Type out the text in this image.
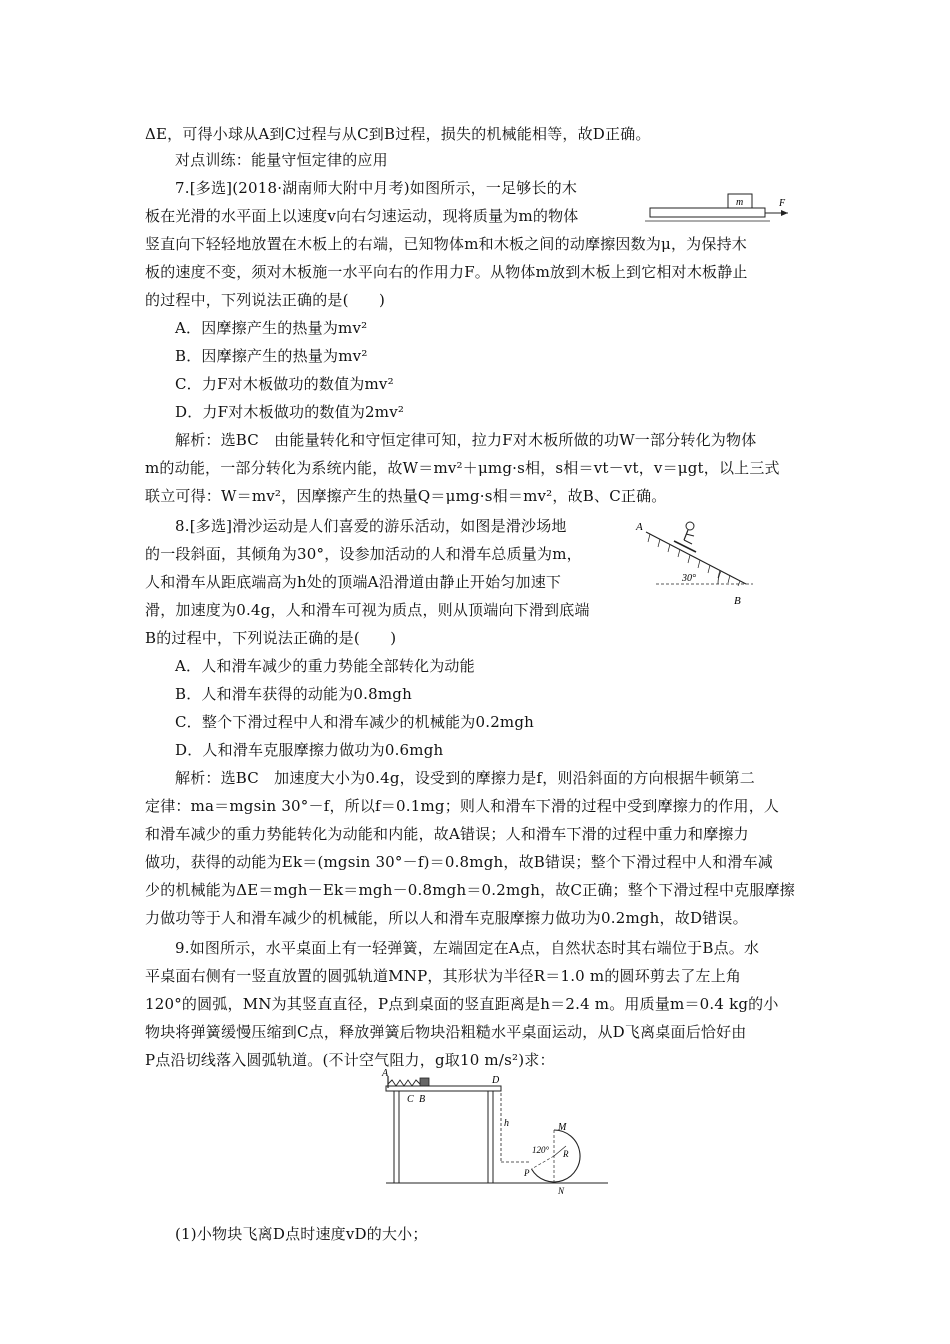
ΔE，可得小球从A到C过程与从C到B过程，损失的机械能相等，故D正确。
对点训练：能量守恒定律的应用
7.[多选](2018·湖南师大附中月考)如图所示，一足够长的木
板在光滑的水平面上以速度v向右匀速运动，现将质量为m的物体
竖直向下轻轻地放置在木板上的右端，已知物体m和木板之间的动摩擦因数为μ，为保持木
板的速度不变，须对木板施一水平向右的作用力F。从物体m放到木板上到它相对木板静止
的过程中，下列说法正确的是(　　)
A．因摩擦产生的热量为mv²
B．因摩擦产生的热量为mv²
C．力F对木板做功的数值为mv²
D．力F对木板做功的数值为2mv²
解析：选BC　由能量转化和守恒定律可知，拉力F对木板所做的功W一部分转化为物体
m的动能，一部分转化为系统内能，故W＝mv²＋μmg·s相，s相＝vt－vt，v＝μgt，以上三式
联立可得：W＝mv²，因摩擦产生的热量Q＝μmg·s相＝mv²，故B、C正确。
m	F
8.[多选]滑沙运动是人们喜爱的游乐活动，如图是滑沙场地
的一段斜面，其倾角为30°，设参加活动的人和滑车总质量为m，
人和滑车从距底端高为h处的顶端A沿滑道由静止开始匀加速下
滑，加速度为0.4g，人和滑车可视为质点，则从顶端向下滑到底端
B的过程中，下列说法正确的是(　　)
A．人和滑车减少的重力势能全部转化为动能
B．人和滑车获得的动能为0.8mgh
C．整个下滑过程中人和滑车减少的机械能为0.2mgh
D．人和滑车克服摩擦力做功为0.6mgh
解析：选BC　加速度大小为0.4g，设受到的摩擦力是f，则沿斜面的方向根据牛顿第二
定律：ma＝mgsin 30°－f，所以f＝0.1mg；则人和滑车下滑的过程中受到摩擦力的作用，人
和滑车减少的重力势能转化为动能和内能，故A错误；人和滑车下滑的过程中重力和摩擦力
做功，获得的动能为Ek＝(mgsin 30°－f)＝0.8mgh，故B错误；整个下滑过程中人和滑车减
少的机械能为ΔE＝mgh－Ek＝mgh－0.8mgh＝0.2mgh，故C正确；整个下滑过程中克服摩擦
力做功等于人和滑车减少的机械能，所以人和滑车克服摩擦力做功为0.2mgh，故D错误。
A
B
30°
9.如图所示，水平桌面上有一轻弹簧，左端固定在A点，自然状态时其右端位于B点。水
平桌面右侧有一竖直放置的圆弧轨道MNP，其形状为半径R＝1.0 m的圆环剪去了左上角
120°的圆弧，MN为其竖直直径，P点到桌面的竖直距离是h＝2.4 m。用质量m＝0.4 kg的小
物块将弹簧缓慢压缩到C点，释放弹簧后物块沿粗糙水平桌面运动，从D飞离桌面后恰好由
P点沿切线落入圆弧轨道。(不计空气阻力，g取10 m/s²)求：
A
C B
D
h	M
R
P
N
120°
(1)小物块飞离D点时速度vD的大小；
